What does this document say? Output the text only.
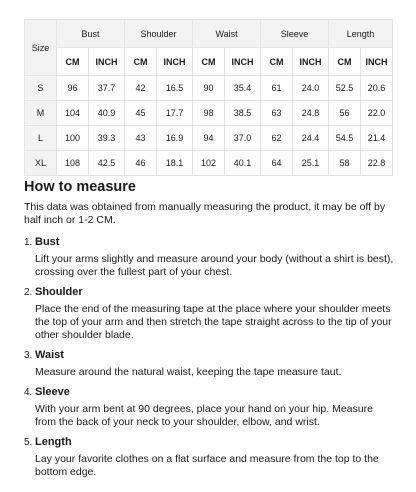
Size	Bust		Shoulder		Waist		Sleeve		Length	
	CM	INCH	CM	INCH	CM	INCH	CM	INCH	CM	INCH
S	96	37.7	42	16.5	90	35.4	61	24.0	52.5	20.6
M	104	40.9	45	17.7	98	38.5	63	24.8	56	22.0
L	100	39.3	43	16.9	94	37.0	62	24.4	54.5	21.4
XL	108	42.5	46	18.1	102	40.1	64	25.1	58	22.8
How to measure

This data was obtained from manually measuring the product, it may be off by half inch or 1-2 CM.

1. Bust

Lift your arms slightly and measure around your body (without a shirt is best), crossing over the fullest part of your chest.

2. Shoulder

Place the end of the measuring tape at the place where your shoulder meets the top of your arm and then stretch the tape straight across to the tip of your other shoulder blade.

3. Waist

Measure around the natural waist, keeping the tape measure taut.

4. Sleeve

With your arm bent at 90 degrees, place your hand on your hip. Measure from the back of your neck to your shoulder, elbow, and wrist.

5. Length

Lay your favorite clothes on a flat surface and measure from the top to the bottom edge.
